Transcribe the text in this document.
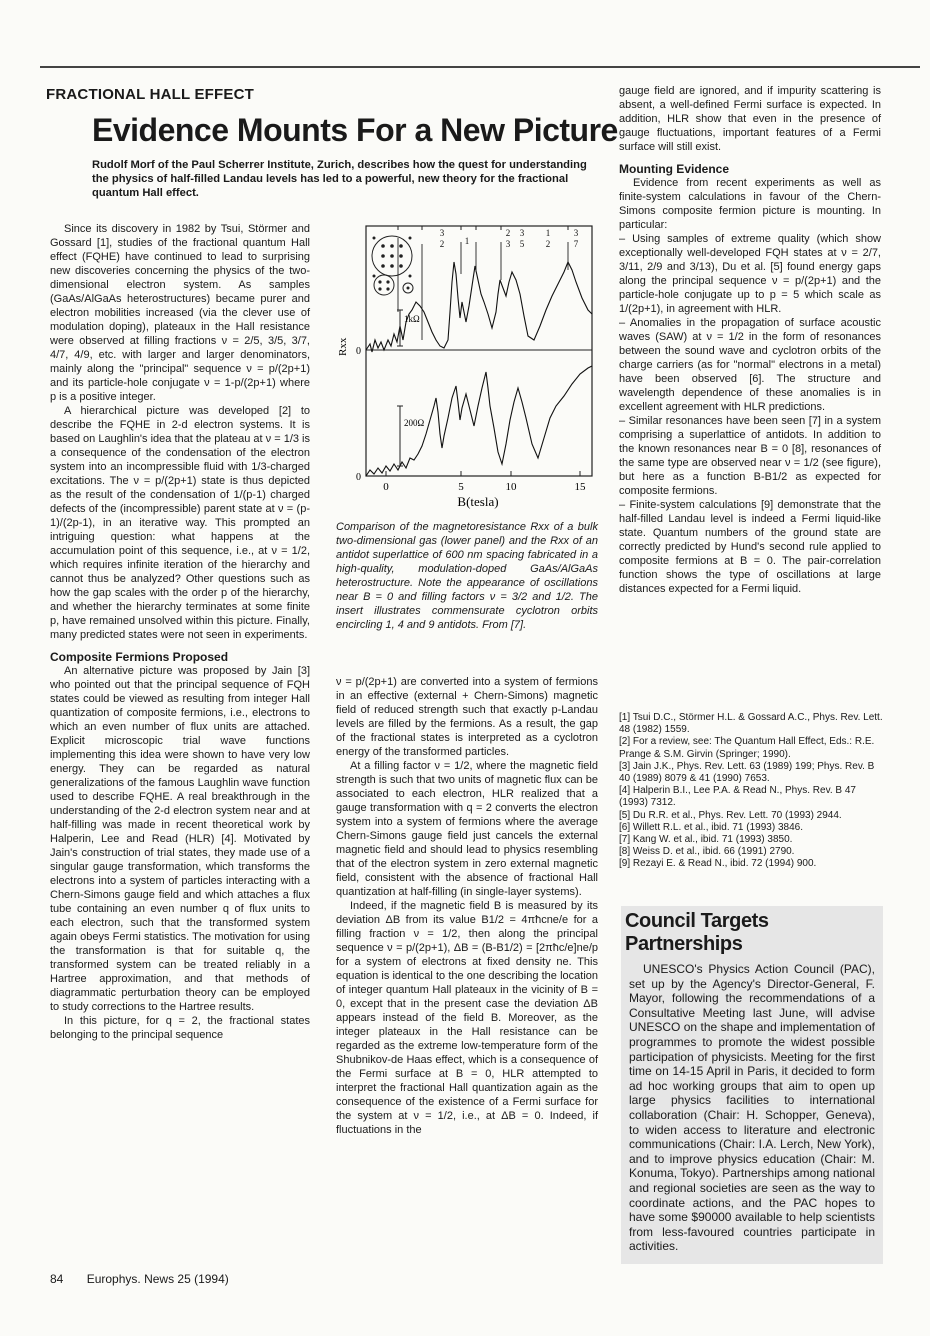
FRACTIONAL HALL EFFECT
Evidence Mounts For a New Picture
Rudolf Morf of the Paul Scherrer Institute, Zurich, describes how the quest for understanding the physics of half-filled Landau levels has led to a powerful, new theory for the fractional quantum Hall effect.

Since its discovery in 1982 by Tsui, Störmer and Gossard [1], studies of the fractional quantum Hall effect (FQHE) have continued to lead to surprising new discoveries concerning the physics of the two-dimensional electron system. As samples (GaAs/AlGaAs heterostructures) became purer and electron mobilities increased (via the clever use of modulation doping), plateaux in the Hall resistance were observed at filling fractions ν = 2/5, 3/5, 3/7, 4/7, 4/9, etc. with larger and larger denominators, mainly along the "principal" sequence ν = p/(2p+1) and its particle-hole conjugate ν = 1-p/(2p+1) where p is a positive integer.

A hierarchical picture was developed [2] to describe the FQHE in 2-d electron systems. It is based on Laughlin's idea that the plateau at ν = 1/3 is a consequence of the condensation of the electron system into an incompressible fluid with 1/3-charged excitations. The ν = p/(2p+1) state is thus depicted as the result of the condensation of 1/(p-1) charged defects of the (incompressible) parent state at ν = (p-1)/(2p-1), in an iterative way. This prompted an intriguing question: what happens at the accumulation point of this sequence, i.e., at ν = 1/2, which requires infinite iteration of the hierarchy and cannot thus be analyzed? Other questions such as how the gap scales with the order p of the hierarchy, and whether the hierarchy terminates at some finite p, have remained unsolved within this picture. Finally, many predicted states were not seen in experiments.

Composite Fermions Proposed

An alternative picture was proposed by Jain [3] who pointed out that the principal sequence of FQH states could be viewed as resulting from integer Hall quantization of composite fermions, i.e., electrons to which an even number of flux units are attached. Explicit microscopic trial wave functions implementing this idea were shown to have very low energy. They can be regarded as natural generalizations of the famous Laughlin wave function used to describe FQHE. A real breakthrough in the understanding of the 2-d electron system near and at half-filling was made in recent theoretical work by Halperin, Lee and Read (HLR) [4]. Motivated by Jain's construction of trial states, they made use of a singular gauge transformation, which transforms the electrons into a system of particles interacting with a Chern-Simons gauge field and which attaches a flux tube containing an even number q of flux units to each electron, such that the transformed system again obeys Fermi statistics. The motivation for using the transformation is that for suitable q, the transformed system can be treated reliably in a Hartree approximation, and that methods of diagrammatic perturbation theory can be employed to study corrections to the Hartree results.

In this picture, for q = 2, the fractional states belonging to the principal sequence

1kΩ
200Ω
3
2 1
2
3
3
5
1
2
3
7
Rxx 0
0
0	5	10	15
B(tesla)
Comparison of the magnetoresistance Rxx of a bulk two-dimensional gas (lower panel) and the Rxx of an antidot superlattice of 600 nm spacing fabricated in a high-quality, modulation-doped GaAs/AlGaAs heterostructure. Note the appearance of oscillations near B = 0 and filling factors ν = 3/2 and 1/2. The insert illustrates commensurate cyclotron orbits encircling 1, 4 and 9 antidots. From [7].

ν = p/(2p+1) are converted into a system of fermions in an effective (external + Chern-Simons) magnetic field of reduced strength such that exactly p-Landau levels are filled by the fermions. As a result, the gap of the fractional states is interpreted as a cyclotron energy of the transformed particles.

At a filling factor ν = 1/2, where the magnetic field strength is such that two units of magnetic flux can be associated to each electron, HLR realized that a gauge transformation with q = 2 converts the electron system into a system of fermions where the average Chern-Simons gauge field just cancels the external magnetic field and should lead to physics resembling that of the electron system in zero external magnetic field, consistent with the absence of fractional Hall quantization at half-filling (in single-layer systems).

Indeed, if the magnetic field B is measured by its deviation ΔB from its value B1/2 = 4πħcne/e for a filling fraction ν = 1/2, then along the principal sequence ν = p/(2p+1), ΔB = (B-B1/2) = [2πħc/e]ne/p for a system of electrons at fixed density ne. This equation is identical to the one describing the location of integer quantum Hall plateaux in the vicinity of B = 0, except that in the present case the deviation ΔB appears instead of the field B. Moreover, as the integer plateaux in the Hall resistance can be regarded as the extreme low-temperature form of the Shubnikov-de Haas effect, which is a consequence of the Fermi surface at B = 0, HLR attempted to interpret the fractional Hall quantization again as the consequence of the existence of a Fermi surface for the system at ν = 1/2, i.e., at ΔB = 0. Indeed, if fluctuations in the

gauge field are ignored, and if impurity scattering is absent, a well-defined Fermi surface is expected. In addition, HLR show that even in the presence of gauge fluctuations, important features of a Fermi surface will still exist.

Mounting Evidence

Evidence from recent experiments as well as finite-system calculations in favour of the Chern-Simons composite fermion picture is mounting. In particular:

– Using samples of extreme quality (which show exceptionally well-developed FQH states at ν = 2/7, 3/11, 2/9 and 3/13), Du et al. [5] found energy gaps along the principal sequence ν = p/(2p+1) and the particle-hole conjugate up to p = 5 which scale as 1/(2p+1), in agreement with HLR.

– Anomalies in the propagation of surface acoustic waves (SAW) at ν = 1/2 in the form of resonances between the sound wave and cyclotron orbits of the charge carriers (as for "normal" electrons in a metal) have been observed [6]. The structure and wavelength dependence of these anomalies is in excellent agreement with HLR predictions.

– Similar resonances have been seen [7] in a system comprising a superlattice of antidots. In addition to the known resonances near B = 0 [8], resonances of the same type are observed near ν = 1/2 (see figure), but here as a function B-B1/2 as expected for composite fermions.

– Finite-system calculations [9] demonstrate that the half-filled Landau level is indeed a Fermi liquid-like state. Quantum numbers of the ground state are correctly predicted by Hund's second rule applied to composite fermions at B = 0. The pair-correlation function shows the type of oscillations at large distances expected for a Fermi liquid.

[1] Tsui D.C., Störmer H.L. & Gossard A.C., Phys. Rev. Lett. 48 (1982) 1559.
[2] For a review, see: The Quantum Hall Effect, Eds.: R.E. Prange & S.M. Girvin (Springer; 1990).
[3] Jain J.K., Phys. Rev. Lett. 63 (1989) 199; Phys. Rev. B 40 (1989) 8079 & 41 (1990) 7653.
[4] Halperin B.I., Lee P.A. & Read N., Phys. Rev. B 47 (1993) 7312.
[5] Du R.R. et al., Phys. Rev. Lett. 70 (1993) 2944.
[6] Willett R.L. et al., ibid. 71 (1993) 3846.
[7] Kang W. et al., ibid. 71 (1993) 3850.
[8] Weiss D. et al., ibid. 66 (1991) 2790.
[9] Rezayi E. & Read N., ibid. 72 (1994) 900.
Council Targets Partnerships

UNESCO's Physics Action Council (PAC), set up by the Agency's Director-General, F. Mayor, following the recommendations of a Consultative Meeting last June, will advise UNESCO on the shape and implementation of programmes to promote the widest possible participation of physicists. Meeting for the first time on 14-15 April in Paris, it decided to form ad hoc working groups that aim to open up large physics facilities to international collaboration (Chair: H. Schopper, Geneva), to widen access to literature and electronic communications (Chair: I.A. Lerch, New York), and to improve physics education (Chair: M. Konuma, Tokyo). Partnerships among national and regional societies are seen as the way to coordinate actions, and the PAC hopes to have some $90000 available to help scientists from less-favoured countries participate in activities.

84 Europhys. News 25 (1994)
